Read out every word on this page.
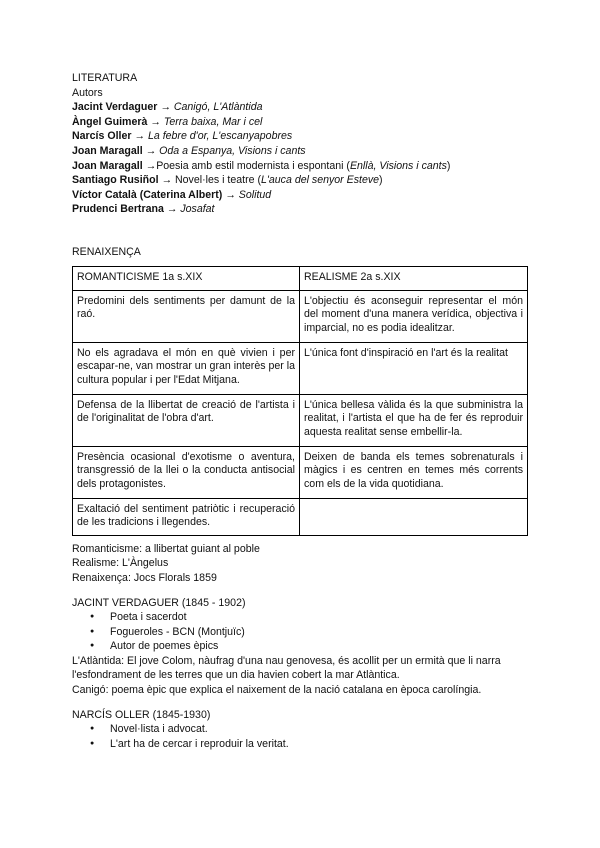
LITERATURA
Autors
Jacint Verdaguer → Canigó, L'Atlàntida
Àngel Guimerà → Terra baixa, Mar i cel
Narcís Oller → La febre d'or, L'escanyapobres
Joan Maragall → Oda a Espanya, Visions i cants
Joan Maragall →Poesia amb estil modernista i espontani (Enllà, Visions i cants)
Santiago Rusiñol → Novel·les i teatre (L'auca del senyor Esteve)
Víctor Català (Caterina Albert) → Solitud
Prudenci Bertrana → Josafat
RENAIXENÇA
ROMANTICISME 1a s.XIX	REALISME 2a s.XIX
Predomini dels sentiments per damunt de la raó.	L'objectiu és aconseguir representar el món del moment d'una manera verídica, objectiva i imparcial, no es podia idealitzar.
No els agradava el món en què vivien i per escapar-ne, van mostrar un gran interès per la cultura popular i per l'Edat Mitjana.	L'única font d'inspiració en l'art és la realitat
Defensa de la llibertat de creació de l'artista i de l'originalitat de l'obra d'art.	L'única bellesa vàlida és la que subministra la realitat, i l'artista el que ha de fer és reproduir aquesta realitat sense embellir-la.
Presència ocasional d'exotisme o aventura, transgressió de la llei o la conducta antisocial dels protagonistes.	Deixen de banda els temes sobrenaturals i màgics i es centren en temes més corrents com els de la vida quotidiana.
Exaltació del sentiment patriòtic i recuperació de les tradicions i llegendes.	
Romanticisme: a llibertat guiant al poble
Realisme: L'Àngelus
Renaixença: Jocs Florals 1859
JACINT VERDAGUER (1845 - 1902)
● Poeta i sacerdot
● Fogueroles - BCN (Montjuïc)
● Autor de poemes èpics
L'Atlàntida: El jove Colom, nàufrag d'una nau genovesa, és acollit per un ermità que li narra l'esfondrament de les terres que un dia havien cobert la mar Atlàntica.
Canigó: poema èpic que explica el naixement de la nació catalana en època carolíngia.
NARCÍS OLLER (1845-1930)
● Novel·lista i advocat.
● L'art ha de cercar i reproduir la veritat.
